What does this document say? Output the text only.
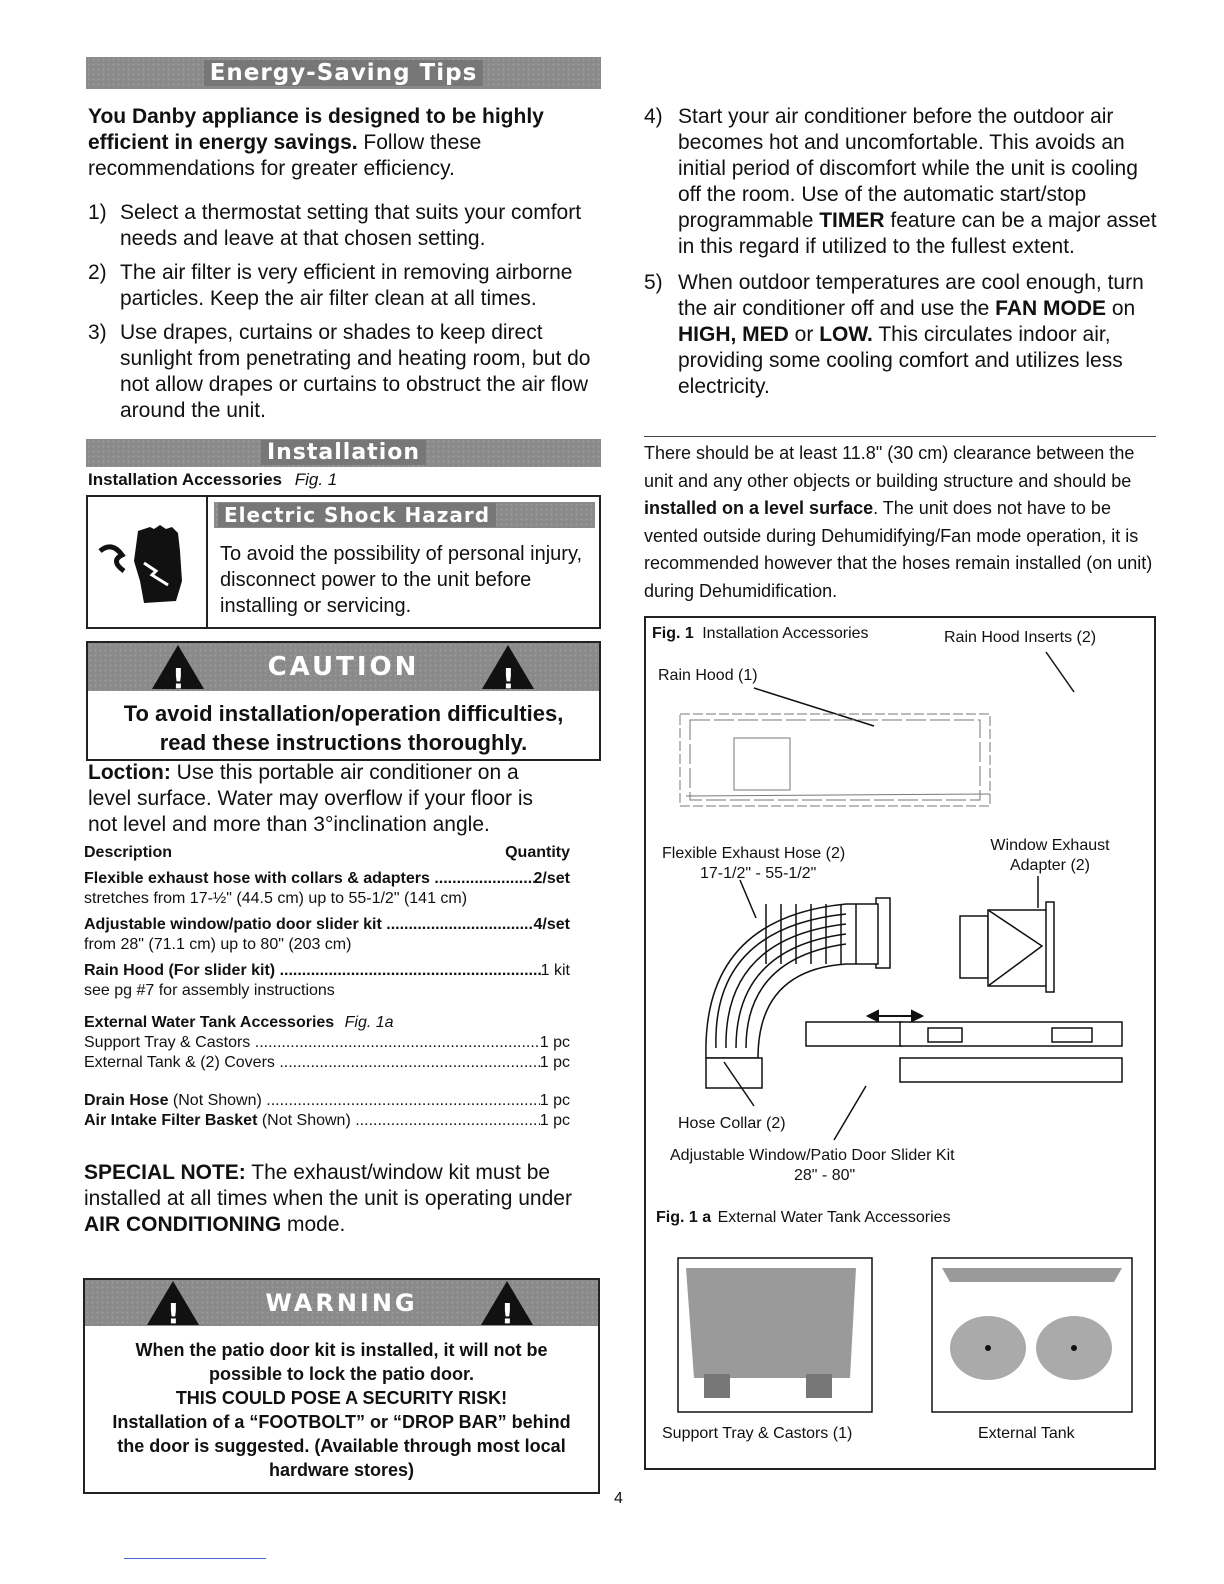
Energy-Saving Tips
You Danby appliance is designed to be highly efficient in energy savings. Follow these recommendations for greater efficiency.
1) Select a thermostat setting that suits your comfort needs and leave at that chosen setting.
2) The air filter is very efficient in removing airborne particles. Keep the air filter clean at all times.
3) Use drapes, curtains or shades to keep direct sunlight from penetrating and heating room, but do not allow drapes or curtains to obstruct the air flow around the unit.
4) Start your air conditioner before the outdoor air becomes hot and uncomfortable. This avoids an initial period of discomfort while the unit is cooling off the room. Use of the automatic start/stop programmable TIMER feature can be a major asset in this regard if utilized to the fullest extent.
5) When outdoor temperatures are cool enough, turn the air conditioner off and use the FAN MODE on HIGH, MED or LOW. This circulates indoor air, providing some cooling comfort and utilizes less electricity.
Installation
Installation Accessories Fig. 1
Electric Shock Hazard
To avoid the possibility of personal injury, disconnect power to the unit before installing or servicing.
!	CAUTION	!
To avoid installation/operation difficulties, read these instructions thoroughly.
Loction: Use this portable air conditioner on a level surface. Water may overflow if your floor is not level and more than 3°inclination angle.
Description	Quantity
Flexible exhaust hose with collars & adapters .....	2/set
stretches from 17-½" (44.5 cm) up to 55-1/2" (141 cm)
Adjustable window/patio door slider kit .....	4/set
from 28" (71.1 cm) up to 80" (203 cm)
Rain Hood (For slider kit) .....	1 kit
see pg #7 for assembly instructions
External Water Tank Accessories Fig. 1a
Support Tray & Castors .....	1 pc
External Tank & (2) Covers .....	1 pc
Drain Hose (Not Shown) .....	1 pc
Air Intake Filter Basket (Not Shown) .....	1 pc
SPECIAL NOTE: The exhaust/window kit must be installed at all times when the unit is operating under AIR CONDITIONING mode.
!	WARNING	!
When the patio door kit is installed, it will not be possible to lock the patio door.
THIS COULD POSE A SECURITY RISK!
Installation of a “FOOTBOLT” or “DROP BAR” behind the door is suggested. (Available through most local hardware stores)
There should be at least 11.8" (30 cm) clearance between the unit and any other objects or building structure and should be installed on a level surface. The unit does not have to be vented outside during Dehumidifying/Fan mode operation, it is recommended however that the hoses remain installed (on unit) during Dehumidification.
Fig. 1 Installation Accessories	Rain Hood Inserts (2)
Rain Hood (1)
Flexible Exhaust Hose (2)
17-1/2" - 55-1/2"
Window Exhaust
Adapter (2)
Hose Collar (2)
Adjustable Window/Patio Door Slider Kit
28" - 80"
Fig. 1 a External Water Tank Accessories
Support Tray & Castors (1)	External Tank
4
